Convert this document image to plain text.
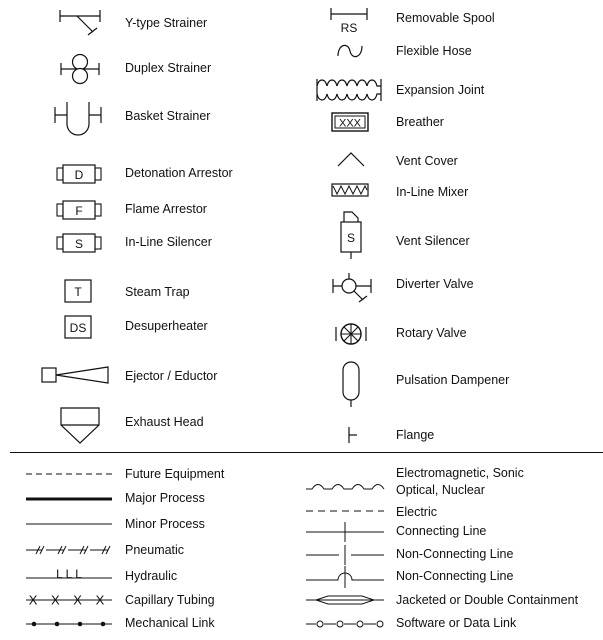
Y-type Strainer
Duplex Strainer
Basket Strainer
D	Detonation Arrestor
F	Flame Arrestor
S	In-Line Silencer
T	Steam Trap
DS	Desuperheater
Ejector / Eductor
Exhaust Head
RS
Removable Spool
Flexible Hose
Expansion Joint
XXX	Breather
Vent Cover
In-Line Mixer
S	Vent Silencer
Diverter Valve
Rotary Valve
Pulsation Dampener
Flange
Future Equipment
Major Process
Minor Process
Pneumatic
L L L	Hydraulic
X X X X Capillary Tubing
Mechanical Link
Electromagnetic, Sonic
Optical, Nuclear
Electric
Connecting Line
Non-Connecting Line
Non-Connecting Line
Jacketed or Double Containment
Software or Data Link
